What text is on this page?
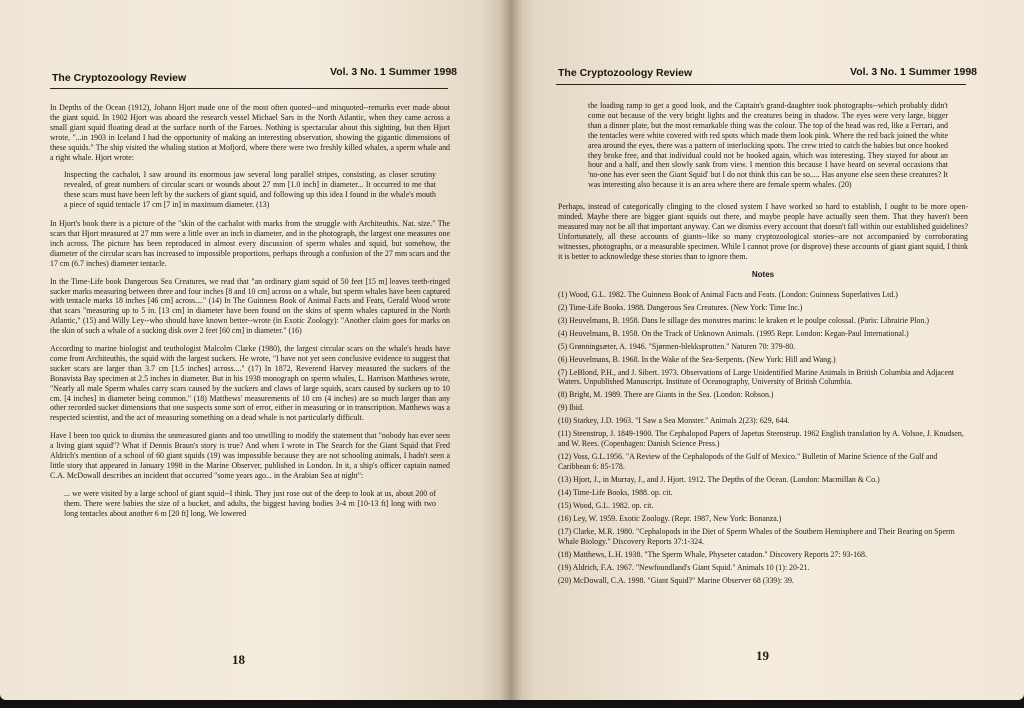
The Cryptozoology Review	Vol. 3 No. 1 Summer 1998

In Depths of the Ocean (1912), Johann Hjort made one of the most often quoted--and misquoted--remarks ever made about the giant squid. In 1902 Hjort was aboard the research vessel Michael Sars in the North Atlantic, when they came across a small giant squid floating dead at the surface north of the Faroes. Nothing is spectacular about this sighting, but then Hjort wrote, "...in 1903 in Iceland I had the opportunity of making an interesting observation, showing the gigantic dimensions of these squids." The ship visited the whaling station at Mofjord, where there were two freshly killed whales, a sperm whale and a right whale. Hjort wrote:

Inspecting the cachalot, I saw around its enormous jaw several long parallel stripes, consisting, as closer scrutiny revealed, of great numbers of circular scars or wounds about 27 mm [1.0 inch] in diameter... It occurred to me that these scars must have been left by the suckers of giant squid, and following up this idea I found in the whale's mouth a piece of squid tentacle 17 cm [7 in] in maximum diameter. (13)

In Hjort's book there is a picture of the "skin of the cachalot with marks from the struggle with Architeuthis. Nat. size." The scars that Hjort measured at 27 mm were a little over an inch in diameter, and in the photograph, the largest one measures one inch across. The picture has been reproduced in almost every discussion of sperm whales and squid, but somehow, the diameter of the circular scars has increased to impossible proportions, perhaps through a confusion of the 27 mm scars and the 17 cm (6.7 inches) diameter tentacle.

In the Time-Life book Dangerous Sea Creatures, we read that "an ordinary giant squid of 50 feet [15 m] leaves teeth-ringed sucker marks measuring between three and four inches [8 and 10 cm] across on a whale, but sperm whales have been captured with tentacle marks 18 inches [46 cm] across...." (14) In The Guinness Book of Animal Facts and Feats, Gerald Wood wrote that scars "measuring up to 5 in. [13 cm] in diameter have been found on the skins of sperm whales captured in the North Atlantic," (15) and Willy Ley--who should have known better--wrote (in Exotic Zoology): "Another claim goes for marks on the skin of such a whale of a sucking disk over 2 feet [60 cm] in diameter." (16)

According to marine biologist and teuthologist Malcolm Clarke (1980), the largest circular scars on the whale's heads have come from Architeuthis, the squid with the largest suckers. He wrote, "I have not yet seen conclusive evidence to suggest that sucker scars are larger than 3.7 cm [1.5 inches] across...." (17) In 1872, Reverend Harvey measured the suckers of the Bonavista Bay specimen at 2.5 inches in diameter. But in his 1938 monograph on sperm whales, L. Harrison Matthews wrote, "Nearly all male Sperm whales carry scars caused by the suckers and claws of large squids, scars caused by suckers up to 10 cm. [4 inches] in diameter being common." (18) Matthews' measurements of 10 cm (4 inches) are so much larger than any other recorded sucker dimensions that one suspects some sort of error, either in measuring or in transcription. Matthews was a respected scientist, and the act of measuring something on a dead whale is not particularly difficult.

Have I been too quick to dismiss the unmeasured giants and too unwilling to modify the statement that "nobody has ever seen a living giant squid"? What if Dennis Braun's story is true? And when I wrote in The Search for the Giant Squid that Fred Aldrich's mention of a school of 60 giant squids (19) was impossible because they are not schooling animals, I hadn't seen a little story that appeared in January 1998 in the Marine Observer, published in London. In it, a ship's officer captain named C.A. McDowall describes an incident that occurred "some years ago... in the Arabian Sea at night":

... we were visited by a large school of giant squid--I think. They just rose out of the deep to look at us, about 200 of them. There were babies the size of a bucket, and adults, the biggest having bodies 3-4 m [10-13 ft] long with two long tentacles about another 6 m [20 ft] long. We lowered

18
The Cryptozoology Review	Vol. 3 No. 1 Summer 1998

the loading ramp to get a good look, and the Captain's grand-daughter took photographs--which probably didn't come out because of the very bright lights and the creatures being in shadow. The eyes were very large, bigger than a dinner plate, but the most remarkable thing was the colour. The top of the head was red, like a Ferrari, and the tentacles were white covered with red spots which made them look pink. Where the red back joined the white area around the eyes, there was a pattern of interlocking spots. The crew tried to catch the babies but once hooked they broke free, and that individual could not be hooked again, which was interesting. They stayed for about an hour and a half, and then slowly sank from view. I mention this because I have heard on several occasions that 'no-one has ever seen the Giant Squid' but I do not think this can be so..... Has anyone else seen these creatures? It was interesting also because it is an area where there are female sperm whales. (20)

Perhaps, instead of categorically clinging to the closed system I have worked so hard to establish, I ought to be more open-minded. Maybe there are bigger giant squids out there, and maybe people have actually seen them. That they haven't been measured may not be all that important anyway. Can we dismiss every account that doesn't fall within our established guidelines? Unfortunately, all these accounts of giants--like so many cryptozoological stories--are not accompanied by corroborating witnesses, photographs, or a measurable specimen. While I cannot prove (or disprove) these accounts of giant giant squid, I think it is better to acknowledge these stories than to ignore them.

Notes
(1) Wood, G.L. 1982. The Guinness Book of Animal Facts and Feats. (London: Guinness Superlatives Ltd.)
(2) Time-Life Books. 1988. Dangerous Sea Creatures. (New York: Time Inc.)
(3) Heuvelmans, B. 1958. Dans le sillage des monstres marins: le kraken et le poulpe colossal. (Paris: Librairie Plon.)
(4) Heuvelmans, B. 1958. On the Track of Unknown Animals. (1995 Repr. London: Kegan-Paul International.)
(5) Grønningsæter, A. 1946. "Sjørmen-blekksprutten." Naturen 70: 379-80.
(6) Heuvelmans, B. 1968. In the Wake of the Sea-Serpents. (New York: Hill and Wang.)
(7) LeBlond, P.H., and J. Sibert. 1973. Observations of Large Unidentified Marine Animals in British Columbia and Adjacent Waters. Unpublished Manuscript. Institute of Oceanography, University of British Columbia.
(8) Bright, M. 1989. There are Giants in the Sea. (London: Robson.)
(9) Ibid.
(10) Starkey, J.D. 1963. "I Saw a Sea Monster." Animals 2(23): 629, 644.
(11) Steenstrup, J. 1849-1900. The Cephalopod Papers of Japetus Steenstrup. 1962 English translation by A. Volsoe, J. Knudsen, and W. Rees. (Copenhagen: Danish Science Press.)
(12) Voss, G.L.1956. "A Review of the Cephalopods of the Gulf of Mexico." Bulletin of Marine Science of the Gulf and Caribbean 6: 85-178.
(13) Hjort, J., in Murray, J., and J. Hjort. 1912. The Depths of the Ocean. (London: Macmillan & Co.)
(14) Time-Life Books, 1988. op. cit.
(15) Wood, G.L. 1982. op. cit.
(16) Ley, W. 1959. Exotic Zoology. (Repr. 1987, New York: Bonanza.)
(17) Clarke, M.R. 1980. "Cephalopods in the Diet of Sperm Whales of the Southern Hemisphere and Their Bearing on Sperm Whale Biology." Discovery Reports 37:1-324.
(18) Matthews, L.H. 1938. "The Sperm Whale, Physeter catadon." Discovery Reports 27: 93-168.
(19) Aldrich, F.A. 1967. "Newfoundland's Giant Squid." Animals 10 (1): 20-21.
(20) McDowall, C.A. 1998. "Giant Squid?" Marine Observer 68 (339): 39.
19
